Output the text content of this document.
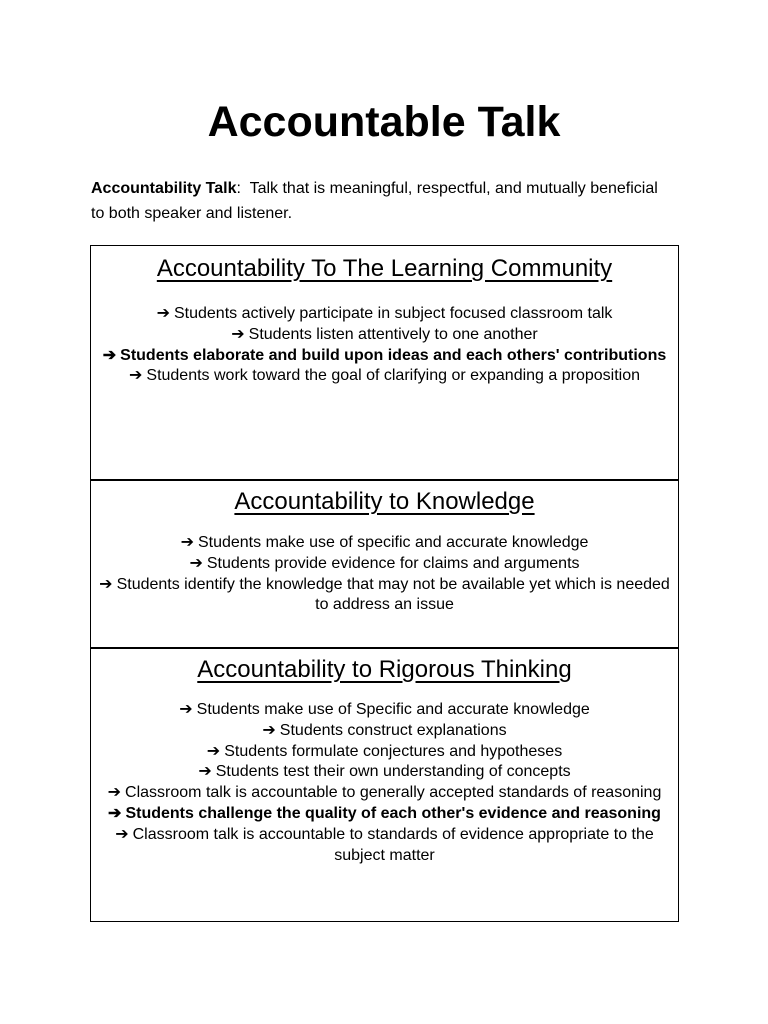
Accountable Talk

Accountability Talk: Talk that is meaningful, respectful, and mutually beneficial to both speaker and listener.

Accountability To The Learning Community
➔ Students actively participate in subject focused classroom talk
➔ Students listen attentively to one another
➔ Students elaborate and build upon ideas and each others' contributions
➔ Students work toward the goal of clarifying or expanding a proposition
Accountability to Knowledge
➔ Students make use of specific and accurate knowledge
➔ Students provide evidence for claims and arguments
➔ Students identify the knowledge that may not be available yet which is needed to address an issue
Accountability to Rigorous Thinking
➔ Students make use of Specific and accurate knowledge
➔ Students construct explanations
➔ Students formulate conjectures and hypotheses
➔ Students test their own understanding of concepts
➔ Classroom talk is accountable to generally accepted standards of reasoning
➔ Students challenge the quality of each other's evidence and reasoning
➔ Classroom talk is accountable to standards of evidence appropriate to the subject matter
